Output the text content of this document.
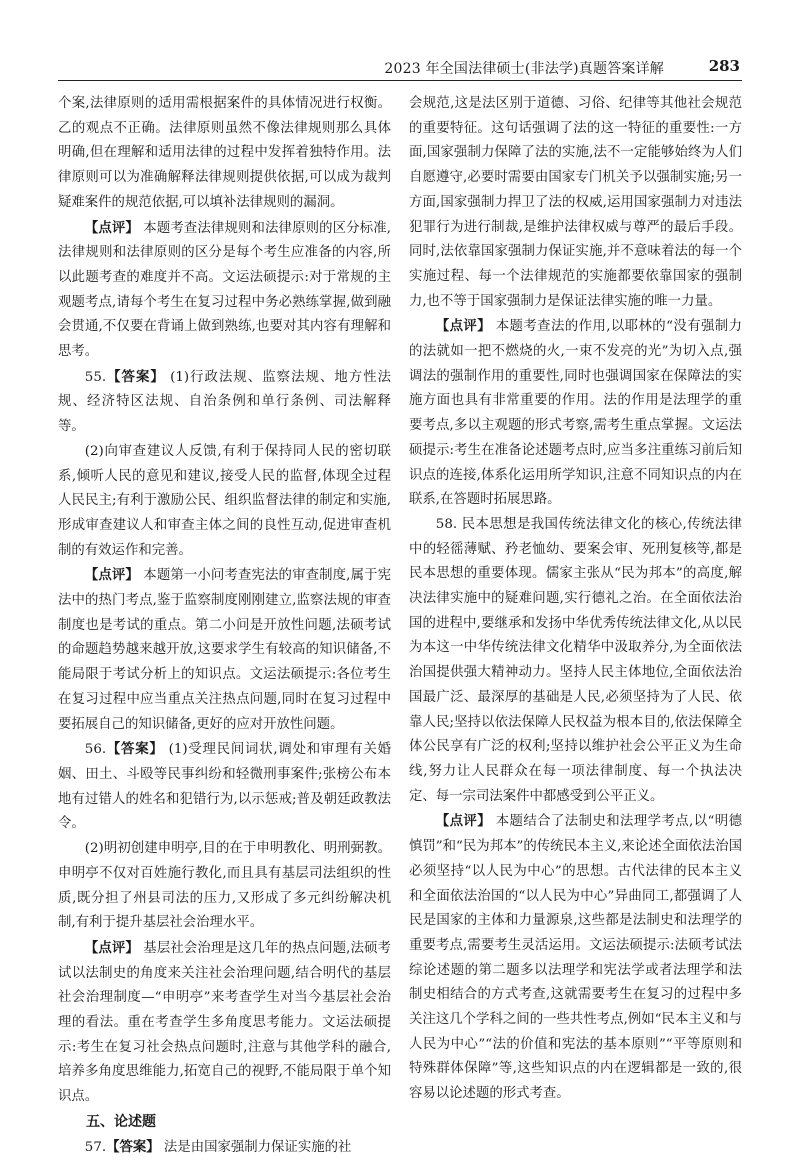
2023 年全国法律硕士(非法学)真题答案详解	283

个案,法律原则的适用需根据案件的具体情况进行权衡。乙的观点不正确。法律原则虽然不像法律规则那么具体明确,但在理解和适用法律的过程中发挥着独特作用。法律原则可以为准确解释法律规则提供依据,可以成为裁判疑难案件的规范依据,可以填补法律规则的漏洞。

【点评】 本题考查法律规则和法律原则的区分标准,法律规则和法律原则的区分是每个考生应准备的内容,所以此题考查的难度并不高。文运法硕提示:对于常规的主观题考点,请每个考生在复习过程中务必熟练掌握,做到融会贯通,不仅要在背诵上做到熟练,也要对其内容有理解和思考。

55.【答案】 (1)行政法规、监察法规、地方性法规、经济特区法规、自治条例和单行条例、司法解释等。

(2)向审查建议人反馈,有利于保持同人民的密切联系,倾听人民的意见和建议,接受人民的监督,体现全过程人民民主;有利于激励公民、组织监督法律的制定和实施,形成审查建议人和审查主体之间的良性互动,促进审查机制的有效运作和完善。

【点评】 本题第一小问考查宪法的审查制度,属于宪法中的热门考点,鉴于监察制度刚刚建立,监察法规的审查制度也是考试的重点。第二小问是开放性问题,法硕考试的命题趋势越来越开放,这要求学生有较高的知识储备,不能局限于考试分析上的知识点。文运法硕提示:各位考生在复习过程中应当重点关注热点问题,同时在复习过程中要拓展自己的知识储备,更好的应对开放性问题。

56.【答案】 (1)受理民间词状,调处和审理有关婚姻、田土、斗殴等民事纠纷和轻微刑事案件;张榜公布本地有过错人的姓名和犯错行为,以示惩戒;普及朝廷政教法令。

(2)明初创建申明亭,目的在于申明教化、明刑弼教。申明亭不仅对百姓施行教化,而且具有基层司法组织的性质,既分担了州县司法的压力,又形成了多元纠纷解决机制,有利于提升基层社会治理水平。

【点评】 基层社会治理是这几年的热点问题,法硕考试以法制史的角度来关注社会治理问题,结合明代的基层社会治理制度—“申明亭”来考查学生对当今基层社会治理的看法。重在考查学生多角度思考能力。文运法硕提示:考生在复习社会热点问题时,注意与其他学科的融合,培养多角度思维能力,拓宽自己的视野,不能局限于单个知识点。

五、论述题

57.【答案】 法是由国家强制力保证实施的社

会规范,这是法区别于道德、习俗、纪律等其他社会规范的重要特征。这句话强调了法的这一特征的重要性:一方面,国家强制力保障了法的实施,法不一定能够始终为人们自愿遵守,必要时需要由国家专门机关予以强制实施;另一方面,国家强制力捍卫了法的权威,运用国家强制力对违法犯罪行为进行制裁,是维护法律权威与尊严的最后手段。同时,法依靠国家强制力保证实施,并不意味着法的每一个实施过程、每一个法律规范的实施都要依靠国家的强制力,也不等于国家强制力是保证法律实施的唯一力量。

【点评】 本题考查法的作用,以耶林的“没有强制力的法就如一把不燃烧的火,一束不发亮的光”为切入点,强调法的强制作用的重要性,同时也强调国家在保障法的实施方面也具有非常重要的作用。法的作用是法理学的重要考点,多以主观题的形式考察,需考生重点掌握。文运法硕提示:考生在准备论述题考点时,应当多注重练习前后知识点的连接,体系化运用所学知识,注意不同知识点的内在联系,在答题时拓展思路。

58. 民本思想是我国传统法律文化的核心,传统法律中的轻徭薄赋、矜老恤幼、要案会审、死刑复核等,都是民本思想的重要体现。儒家主张从“民为邦本”的高度,解决法律实施中的疑难问题,实行德礼之治。在全面依法治国的进程中,要继承和发扬中华优秀传统法律文化,从以民为本这一中华传统法律文化精华中汲取养分,为全面依法治国提供强大精神动力。坚持人民主体地位,全面依法治国最广泛、最深厚的基础是人民,必须坚持为了人民、依靠人民;坚持以依法保障人民权益为根本目的,依法保障全体公民享有广泛的权利;坚持以维护社会公平正义为生命线,努力让人民群众在每一项法律制度、每一个执法决定、每一宗司法案件中都感受到公平正义。

【点评】 本题结合了法制史和法理学考点,以“明德慎罚”和“民为邦本”的传统民本主义,来论述全面依法治国必须坚持“以人民为中心”的思想。古代法律的民本主义和全面依法治国的“以人民为中心”异曲同工,都强调了人民是国家的主体和力量源泉,这些都是法制史和法理学的重要考点,需要考生灵活运用。文运法硕提示:法硕考试法综论述题的第二题多以法理学和宪法学或者法理学和法制史相结合的方式考查,这就需要考生在复习的过程中多关注这几个学科之间的一些共性考点,例如“民本主义和与人民为中心”“法的价值和宪法的基本原则”“平等原则和特殊群体保障”等,这些知识点的内在逻辑都是一致的,很容易以论述题的形式考查。
